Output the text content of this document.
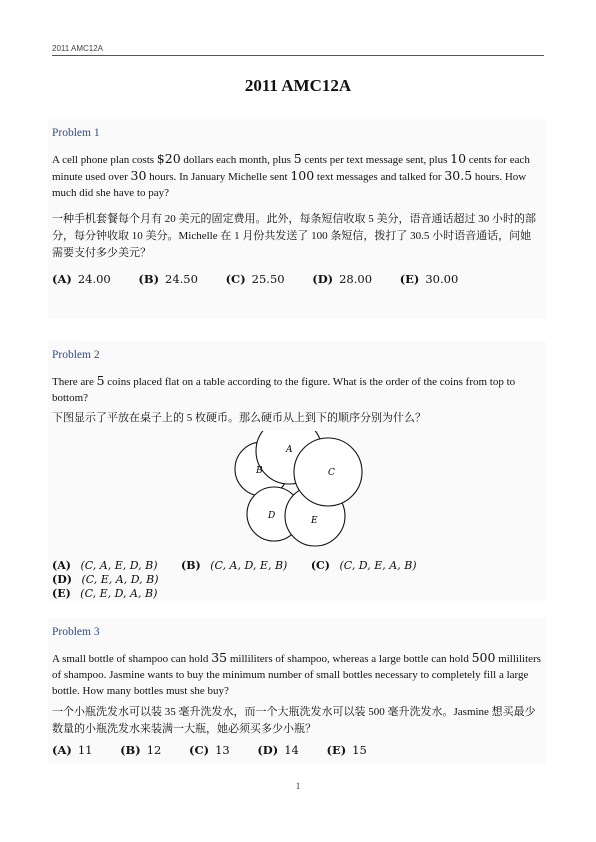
2011 AMC12A
2011 AMC12A
Problem 1

A cell phone plan costs $20 dollars each month, plus 5 cents per text message sent, plus 10 cents for each minute used over 30 hours. In January Michelle sent 100 text messages and talked for 30.5 hours. How much did she have to pay?

一种手机套餐每个月有 20 美元的固定费用。此外，每条短信收取 5 美分，语音通话超过 30 小时的部分，每分钟收取 10 美分。Michelle 在 1 月份共发送了 100 条短信，拨打了 30.5 小时语音通话，问她需要支付多少美元？

(A) 24.00 (B) 24.50 (C) 25.50 (D) 28.00 (E) 30.00
Problem 2

There are 5 coins placed flat on a table according to the figure. What is the order of the coins from top to bottom?

下图显示了平放在桌子上的 5 枚硬币。那么硬币从上到下的顺序分别为什么？

A
B	C
D	E
(A) (C, A, E, D, B) (B) (C, A, D, E, B) (C) (C, D, E, A, B) (D) (C, E, A, D, B)
(E) (C, E, D, A, B)
Problem 3

A small bottle of shampoo can hold 35 milliliters of shampoo, whereas a large bottle can hold 500 milliliters of shampoo. Jasmine wants to buy the minimum number of small bottles necessary to completely fill a large bottle. How many bottles must she buy?

一个小瓶洗发水可以装 35 毫升洗发水，而一个大瓶洗发水可以装 500 毫升洗发水。Jasmine 想买最少数量的小瓶洗发水来装满一大瓶，她必须买多少小瓶？

(A) 11 (B) 12 (C) 13 (D) 14 (E) 15
1
